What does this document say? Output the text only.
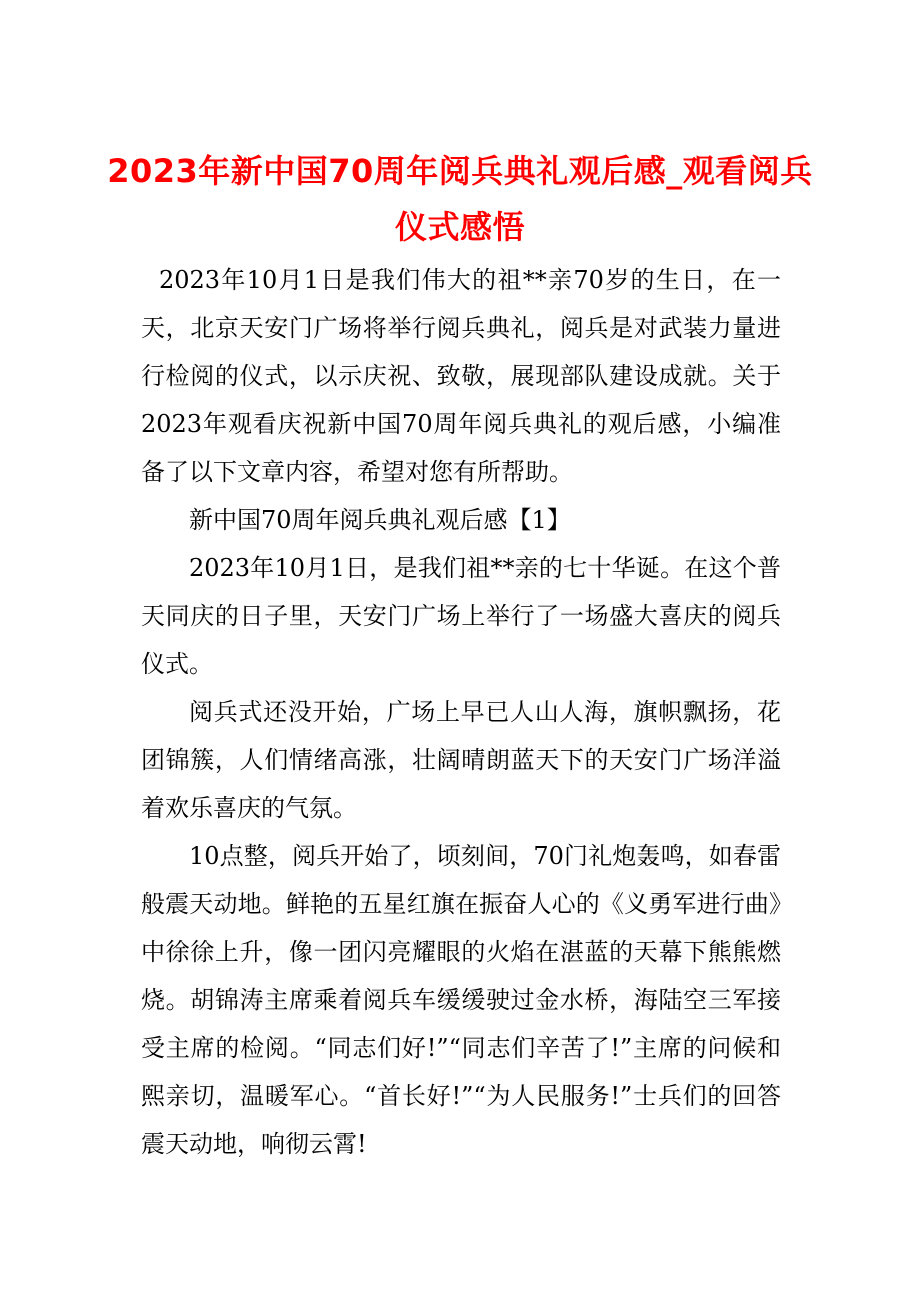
2023年新中国70周年阅兵典礼观后感_观看阅兵仪式感悟

2023年10月1日是我们伟大的祖**亲70岁的生日，在一天，北京天安门广场将举行阅兵典礼，阅兵是对武装力量进行检阅的仪式，以示庆祝、致敬，展现部队建设成就。关于2023年观看庆祝新中国70周年阅兵典礼的观后感，小编准备了以下文章内容，希望对您有所帮助。

新中国70周年阅兵典礼观后感【1】

2023年10月1日，是我们祖**亲的七十华诞。在这个普天同庆的日子里，天安门广场上举行了一场盛大喜庆的阅兵仪式。

阅兵式还没开始，广场上早已人山人海，旗帜飘扬，花团锦簇，人们情绪高涨，壮阔晴朗蓝天下的天安门广场洋溢着欢乐喜庆的气氛。

10点整，阅兵开始了，顷刻间，70门礼炮轰鸣，如春雷般震天动地。鲜艳的五星红旗在振奋人心的《义勇军进行曲》中徐徐上升，像一团闪亮耀眼的火焰在湛蓝的天幕下熊熊燃烧。胡锦涛主席乘着阅兵车缓缓驶过金水桥，海陆空三军接受主席的检阅。“同志们好!”“同志们辛苦了!”主席的问候和熙亲切，温暖军心。“首长好!”“为人民服务!”士兵们的回答震天动地，响彻云霄!
